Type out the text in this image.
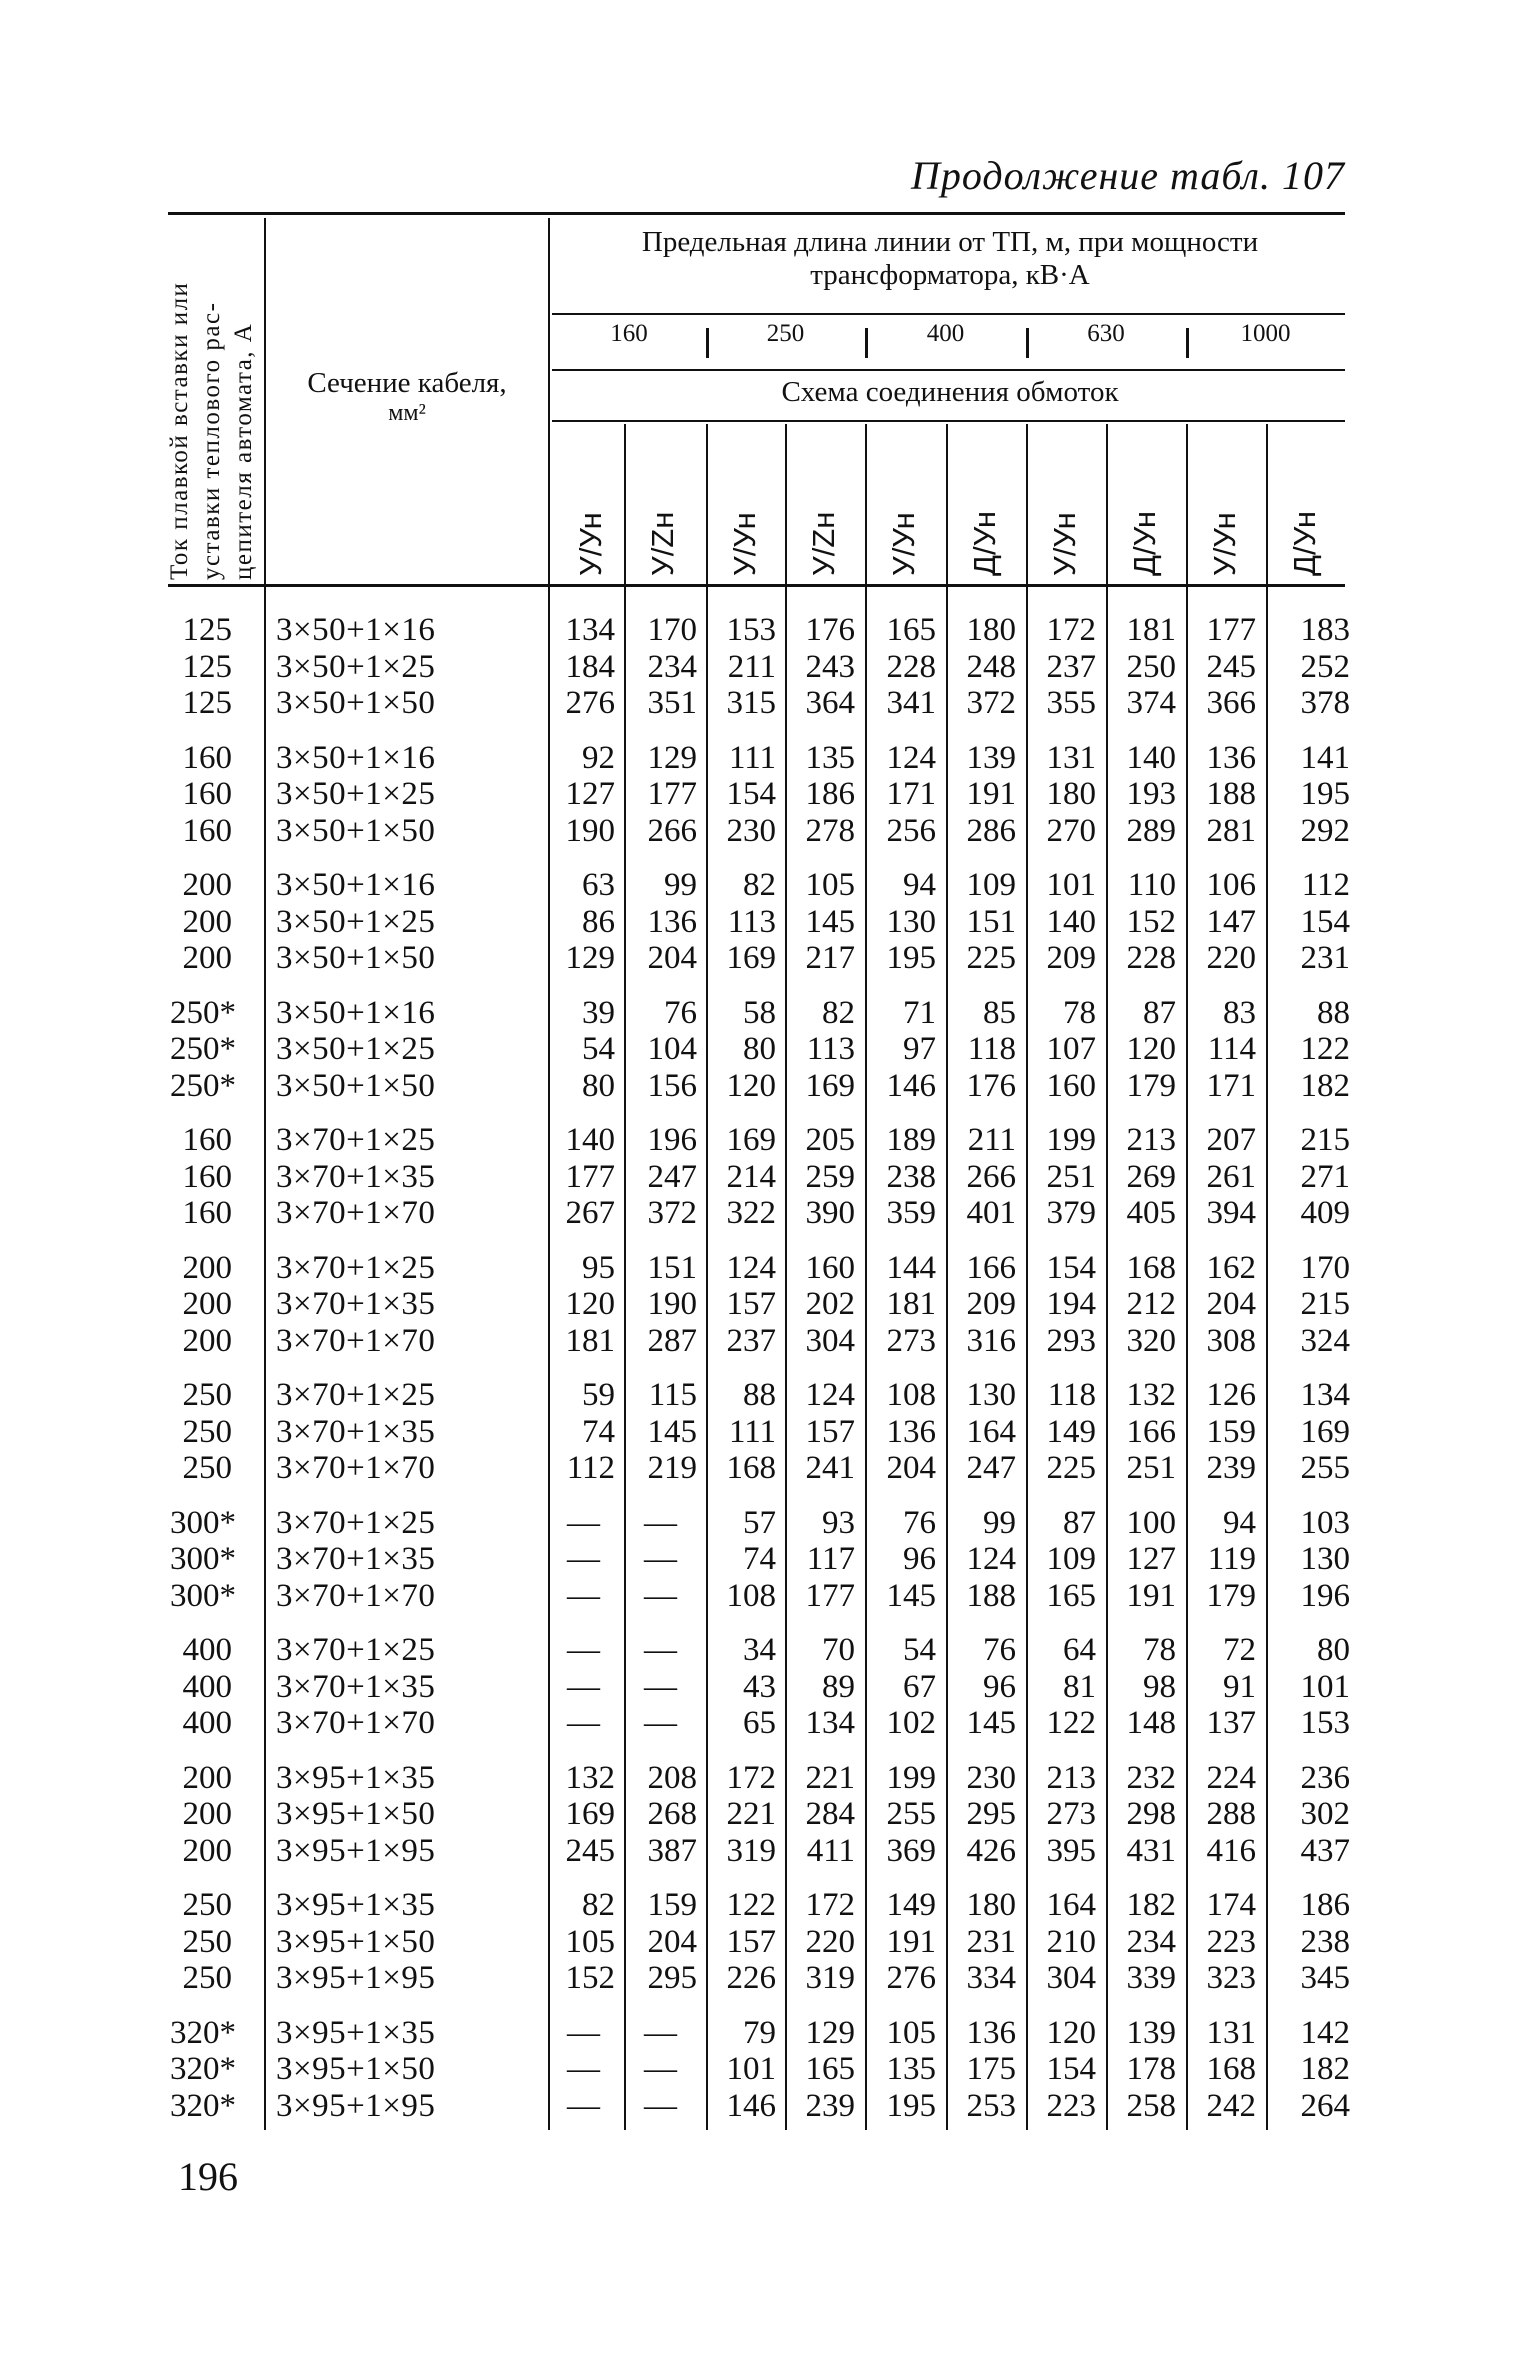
Продолжение табл. 107
Ток плавкой вставки или уставки теплового рас-цепителя автомата, А	Сечение кабеля,
мм²
Предельная длина линии от ТП, м, при мощности трансформатора, кВ·А
Схема соединения обмоток
160	250	400	630	1000
У/Ун У/Zн У/Ун У/Zн У/Ун Д/Ун У/Ун Д/Ун У/Ун Д/Ун
125 3×50+1×16	134 170 153 176 165 180 172 181 177	183
125 3×50+1×25	184 234 211 243 228 248 237 250 245	252
125 3×50+1×50	276 351 315 364 341 372 355 374 366	378
160 3×50+1×16	92 129 111 135 124 139 131 140 136	141
160 3×50+1×25	127 177 154 186 171 191 180 193 188	195
160 3×50+1×50	190 266 230 278 256 286 270 289 281	292
200 3×50+1×16	63	99	82 105	94 109 101 110 106	112
200 3×50+1×25	86 136 113 145 130 151 140 152 147	154
200 3×50+1×50	129 204 169 217 195 225 209 228 220	231
250* 3×50+1×16	39	76	58	82	71	85	78	87	83	88
250* 3×50+1×25	54 104	80 113	97 118 107 120 114	122
250* 3×50+1×50	80 156 120 169 146 176 160 179 171	182
160 3×70+1×25	140 196 169 205 189 211 199 213 207	215
160 3×70+1×35	177 247 214 259 238 266 251 269 261	271
160 3×70+1×70	267 372 322 390 359 401 379 405 394	409
200 3×70+1×25	95 151 124 160 144 166 154 168 162	170
200 3×70+1×35	120 190 157 202 181 209 194 212 204	215
200 3×70+1×70	181 287 237 304 273 316 293 320 308	324
250 3×70+1×25	59	115	88 124 108 130 118 132 126	134
250 3×70+1×35	74 145 111 157 136 164 149 166 159	169
250 3×70+1×70	112 219 168 241 204 247 225 251 239	255
300* 3×70+1×25	—	—	57	93	76	99	87 100	94	103
300* 3×70+1×35	—	—	74 117	96 124 109 127 119	130
300* 3×70+1×70	—	—	108 177 145 188 165 191 179	196
400 3×70+1×25	—	—	34	70	54	76	64	78	72	80
400 3×70+1×35	—	—	43	89	67	96	81	98	91	101
400 3×70+1×70	—	—	65 134 102 145 122 148 137	153
200 3×95+1×35	132 208 172 221 199 230 213 232 224	236
200 3×95+1×50	169 268 221 284 255 295 273 298 288	302
200 3×95+1×95	245 387 319 411 369 426 395 431 416	437
250 3×95+1×35	82 159 122 172 149 180 164 182 174	186
250 3×95+1×50	105 204 157 220 191 231 210 234 223	238
250 3×95+1×95	152 295 226 319 276 334 304 339 323	345
320* 3×95+1×35	—	—	79 129 105 136 120 139 131	142
320* 3×95+1×50	—	—	101 165 135 175 154 178 168	182
320* 3×95+1×95	—	—	146 239 195 253 223 258 242	264
196
